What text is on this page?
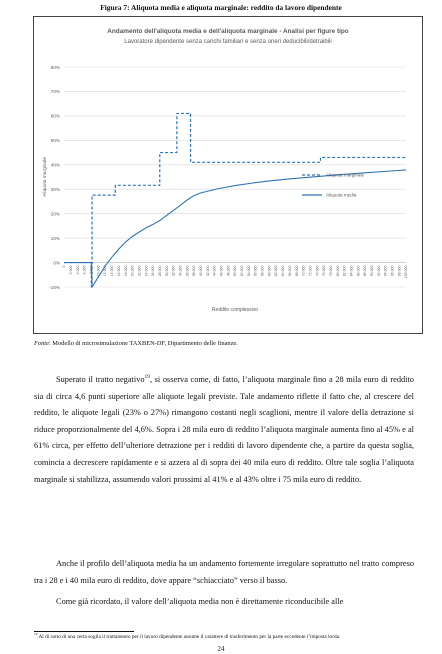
Figura 7: Aliquota media e aliquota marginale: reddito da lavoro dipendente
Andamento dell'aliquota media e dell'aliquota marginale - Analisi per figure tipo
Lavoratore dipendente senza carichi familiari e senza oneri deducibili/detraibili
-10%
0%
10%
20%
30%
40%
50%
60%
70%
80%
0 2.000 4.000 6.000 8.000 10.000 12.000 14.000 16.000 18.000 20.000 22.000 24.000 26.000 28.000 30.000 32.000 34.000 36.000 38.000 40.000 42.000 44.000 46.000 48.000 50.000 52.000 54.000 56.000 58.000 60.000 62.000 64.000 66.000 68.000 70.000 72.000 74.000 76.000 78.000 80.000 82.000 84.000 86.000 88.000 90.000 92.000 94.000 96.000 98.000 100.000
Reddito complessivo
Aliquota marginale	Aliquota marginale
Aliquota media
Fonte: Modello di microsimulazione TAXBEN-DF, Dipartimento delle finanze.

Superato il tratto negativo$^{19}$, si osserva come, di fatto, l’aliquota marginale fino a 28 mila euro di reddito sia di circa 4,6 punti superiore alle aliquote legali previste. Tale andamento riflette il fatto che, al crescere del reddito, le aliquote legali (23% o 27%) rimangono costanti negli scaglioni, mentre il valore della detrazione si riduce proporzionalmente del 4,6%. Sopra i 28 mila euro di reddito l’aliquota marginale aumenta fino al 45% e al 61% circa, per effetto dell’ulteriore detrazione per i redditi di lavoro dipendente che, a partire da questa soglia, comincia a decrescere rapidamente e si azzera al di sopra dei 40 mila euro di reddito. Oltre tale soglia l’aliquota marginale si stabilizza, assumendo valori prossimi al 41% e al 43% oltre i 75 mila euro di reddito.

Anche il profilo dell’aliquota media ha un andamento fortemente irregolare soprattutto nel tratto compreso tra i 28 e i 40 mila euro di reddito, dove appare “schiacciato” verso il basso.

Come già ricordato, il valore dell’aliquota media non è direttamente riconducibile alle

$^{19}$ Al di sotto di una certa soglia il trattamento per il lavoro dipendente assume il carattere di trasferimento per la parte eccedente l’imposta lorda.

24
